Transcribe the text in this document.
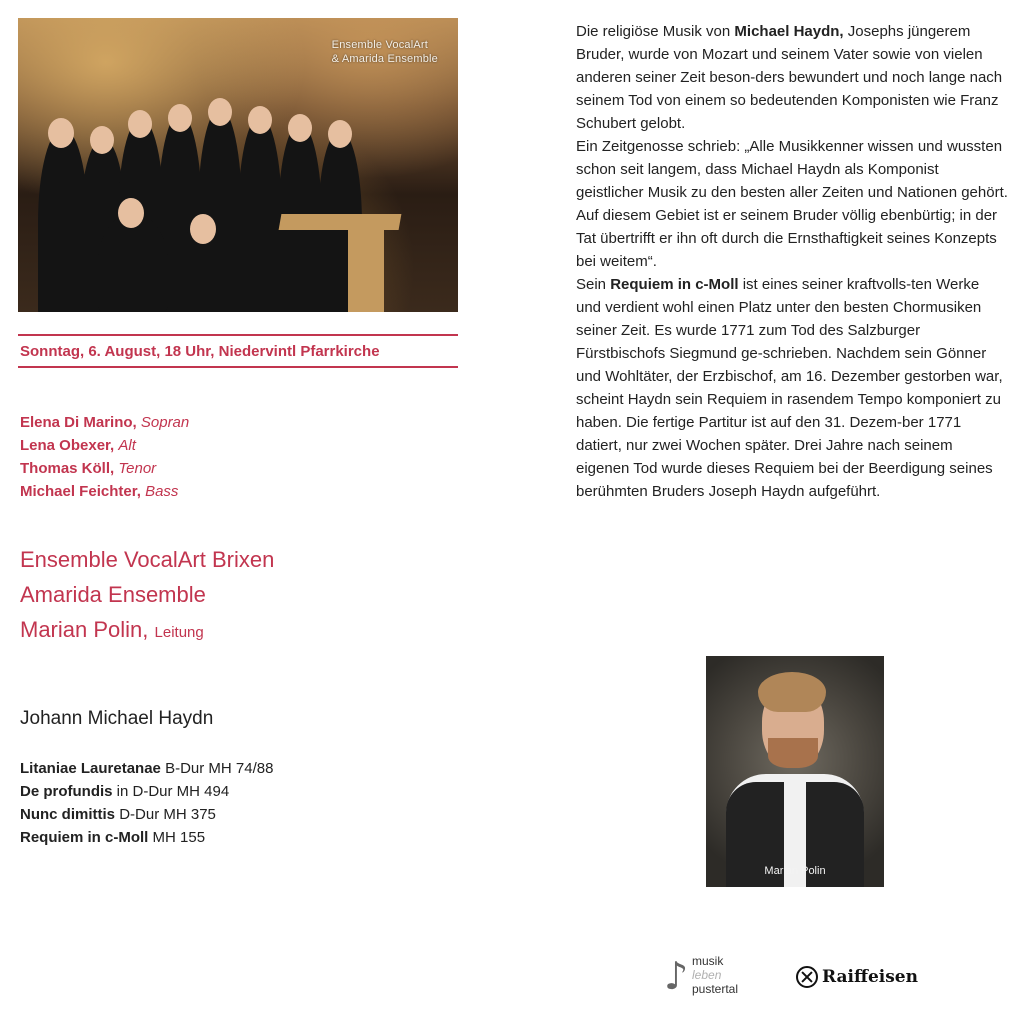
Ensemble VocalArt
& Amarida Ensemble
Sonntag, 6. August, 18 Uhr, Niedervintl Pfarrkirche
Elena Di Marino, Sopran
Lena Obexer, Alt
Thomas Köll, Tenor
Michael Feichter, Bass
Ensemble VocalArt Brixen
Amarida Ensemble
Marian Polin, Leitung
Johann Michael Haydn
Litaniae Lauretanae B-Dur MH 74/88
De profundis in D-Dur MH 494
Nunc dimittis D-Dur MH 375
Requiem in c-Moll MH 155

Die religiöse Musik von Michael Haydn, Josephs jüngerem Bruder, wurde von Mozart und seinem Vater sowie von vielen anderen seiner Zeit beson-ders bewundert und noch lange nach seinem Tod von einem so bedeutenden Komponisten wie Franz Schubert gelobt.

Ein Zeitgenosse schrieb: „Alle Musikkenner wissen und wussten schon seit langem, dass Michael Haydn als Komponist geistlicher Musik zu den besten aller Zeiten und Nationen gehört. Auf diesem Gebiet ist er seinem Bruder völlig ebenbürtig; in der Tat übertrifft er ihn oft durch die Ernsthaftigkeit seines Konzepts bei weitem“.

Sein Requiem in c-Moll ist eines seiner kraftvolls-ten Werke und verdient wohl einen Platz unter den besten Chormusiken seiner Zeit. Es wurde 1771 zum Tod des Salzburger Fürstbischofs Siegmund ge-schrieben. Nachdem sein Gönner und Wohltäter, der Erzbischof, am 16. Dezember gestorben war, scheint Haydn sein Requiem in rasendem Tempo komponiert zu haben. Die fertige Partitur ist auf den 31. Dezem-ber 1771 datiert, nur zwei Wochen später. Drei Jahre nach seinem eigenen Tod wurde dieses Requiem bei der Beerdigung seines berühmten Bruders Joseph Haydn aufgeführt.

Marian Polin
♪ musik
leben
pustertal
Raiffeisen
